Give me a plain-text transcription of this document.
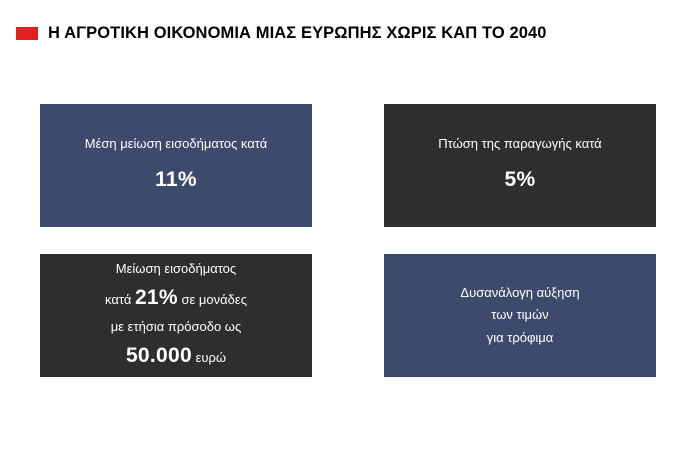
Η ΑΓΡΟΤΙΚΗ ΟΙΚΟΝΟΜΙΑ ΜΙΑΣ ΕΥΡΩΠΗΣ ΧΩΡΙΣ ΚΑΠ ΤΟ 2040
Μέση μείωση εισοδήματος κατά
11%
Πτώση της παραγωγής κατά
5%
Μείωση εισοδήματος
κατά 21% σε μονάδες
με ετήσια πρόσοδο ως
50.000 ευρώ
Δυσανάλογη αύξηση
των τιμών
για τρόφιμα
